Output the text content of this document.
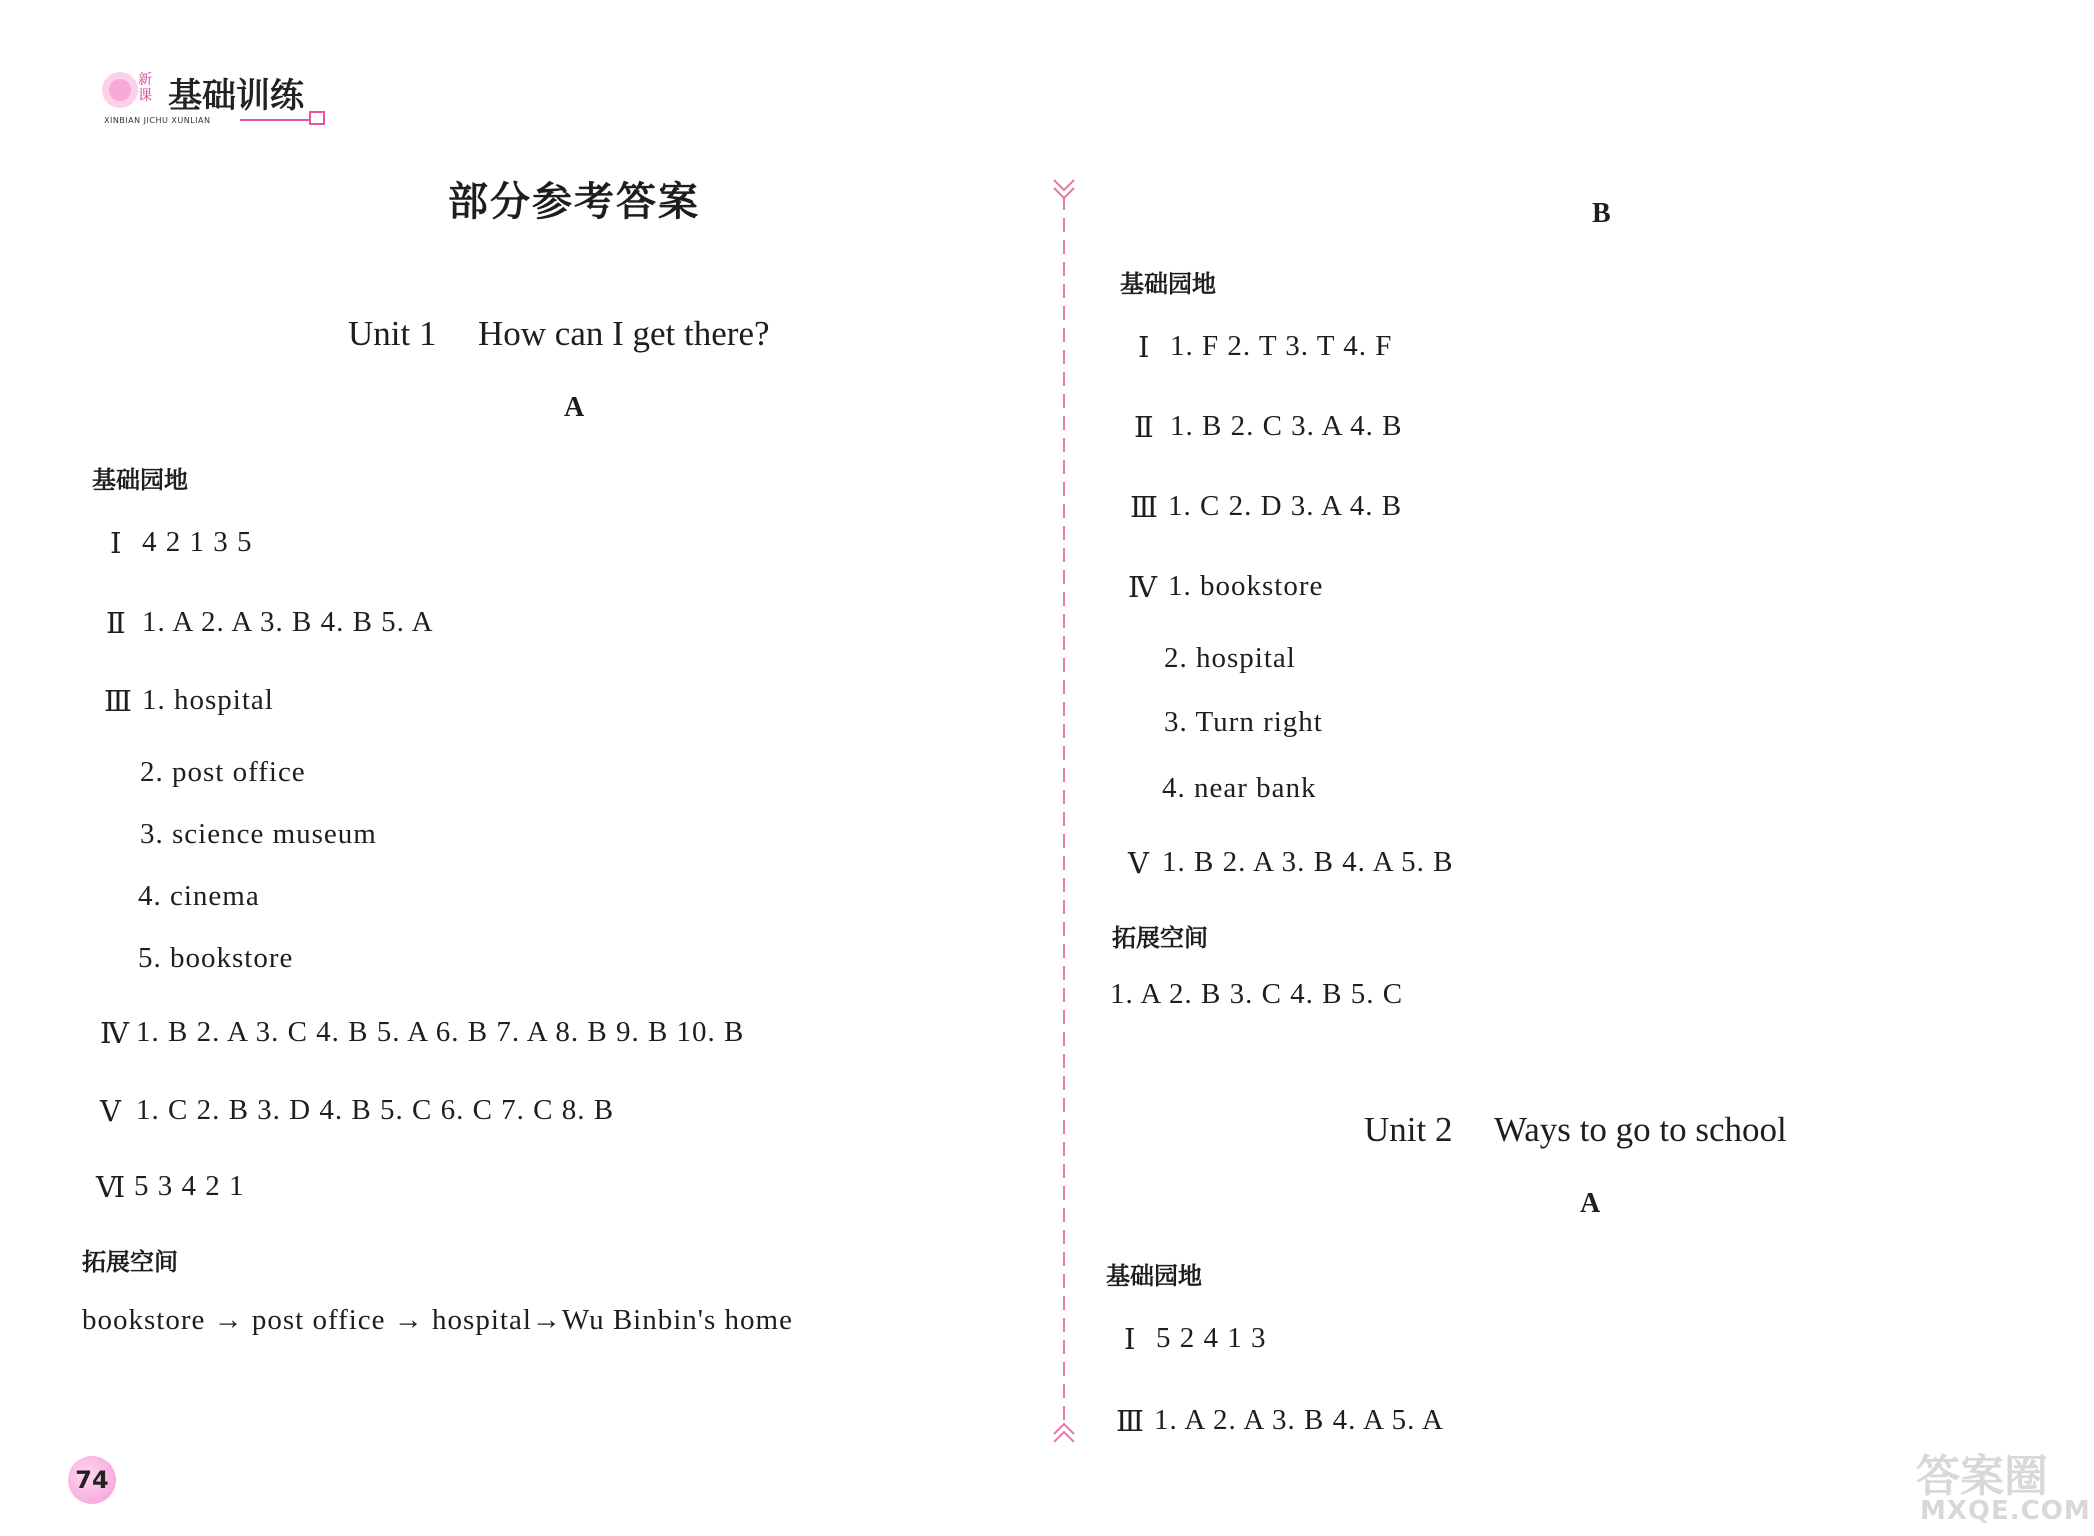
新课 基础训练
XINBIAN JICHU XUNLIAN
部分参考答案
Unit 1 How can I get there?
A
基础园地
Ⅰ 4 2 1 3 5
Ⅱ 1. A 2. A 3. B 4. B 5. A
Ⅲ 1. hospital
2. post office
3. science museum
4. cinema
5. bookstore
Ⅳ 1. B 2. A 3. C 4. B 5. A 6. B 7. A 8. B 9. B 10. B
Ⅴ 1. C 2. B 3. D 4. B 5. C 6. C 7. C 8. B
Ⅵ 5 3 4 2 1
拓展空间
bookstore → post office → hospital→Wu Binbin's home
74
B
基础园地
Ⅰ 1. F 2. T 3. T 4. F
Ⅱ 1. B 2. C 3. A 4. B
Ⅲ 1. C 2. D 3. A 4. B
Ⅳ 1. bookstore
2. hospital
3. Turn right
4. near bank
Ⅴ 1. B 2. A 3. B 4. A 5. B
拓展空间
1. A 2. B 3. C 4. B 5. C
Unit 2 Ways to go to school
A
基础园地
Ⅰ 5 2 4 1 3
Ⅲ 1. A 2. A 3. B 4. A 5. A
答案圈
MXQE.COM
